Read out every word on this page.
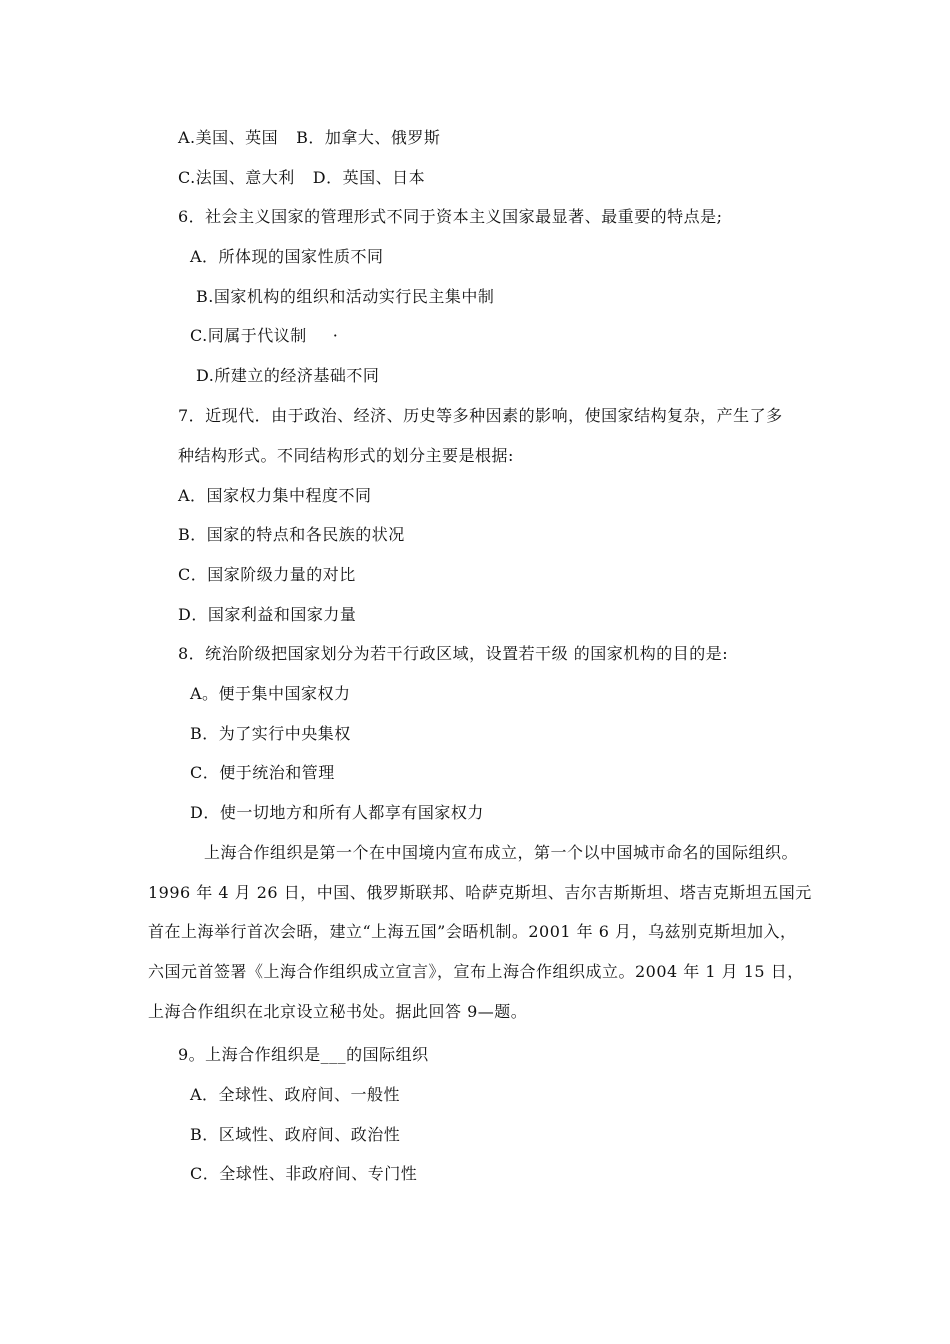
A.美国、英国 B．加拿大、俄罗斯
C.法国、意大利 D．英国、日本
6．社会主义国家的管理形式不同于资本主义国家最显著、最重要的特点是;
A．所体现的国家性质不同
B.国家机构的组织和活动实行民主集中制
C.同属于代议制 ·
D.所建立的经济基础不同
7．近现代．由于政治、经济、历史等多种因素的影响，使国家结构复杂，产生了多
种结构形式。不同结构形式的划分主要是根据:
A．国家权力集中程度不同
B．国家的特点和各民族的状况
C．国家阶级力量的对比
D．国家利益和国家力量
8．统治阶级把国家划分为若干行政区域，设置若干级 的国家机构的目的是:
A。便于集中国家权力
B．为了实行中央集权
C．便于统治和管理
D．使一切地方和所有人都享有国家权力
上海合作组织是第一个在中国境内宣布成立，第一个以中国城市命名的国际组织。
1996 年 4 月 26 日，中国、俄罗斯联邦、哈萨克斯坦、吉尔吉斯斯坦、塔吉克斯坦五国元
首在上海举行首次会晤，建立“上海五国”会晤机制。2001 年 6 月，乌兹别克斯坦加入，
六国元首签署《上海合作组织成立宣言》，宣布上海合作组织成立。2004 年 1 月 15 日，
上海合作组织在北京设立秘书处。据此回答 9—题。
9。上海合作组织是___的国际组织
A．全球性、政府间、一般性
B．区域性、政府间、政治性
C．全球性、非政府间、专门性
